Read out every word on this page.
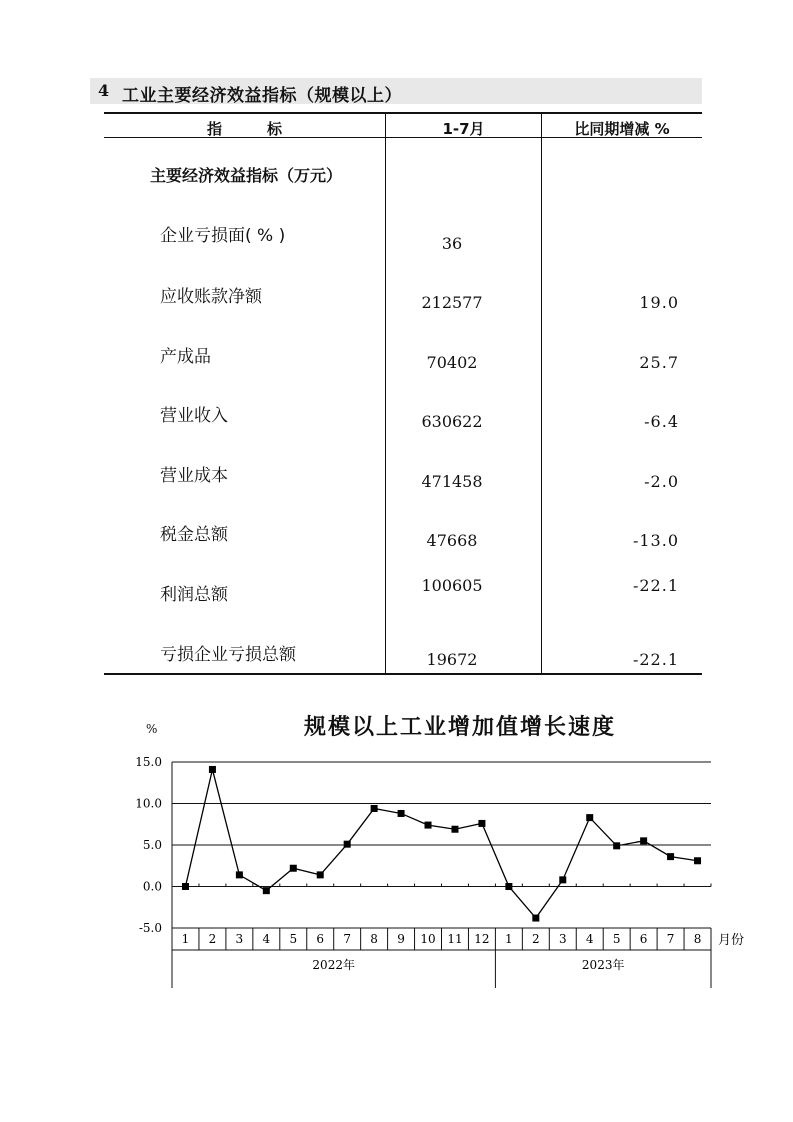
4 工业主要经济效益指标（规模以上）
指　　　标	1-7月	比同期增减 %
主要经济效益指标（万元）
企业亏损面( % )	36
应收账款净额	212577	19.0
产成品	70402	25.7
营业收入	630622	-6.4
营业成本	471458	-2.0
税金总额	47668	-13.0
利润总额	100605	-22.1
亏损企业亏损总额	19672	-22.1
规模以上工业增加值增长速度
%
15.0
10.0
5.0
0.0
-5.0
1 2 3 4 5 6 7 8 9 10 11 12 1 2 3 4 5 6 7 8
2022年	2023年
月份
